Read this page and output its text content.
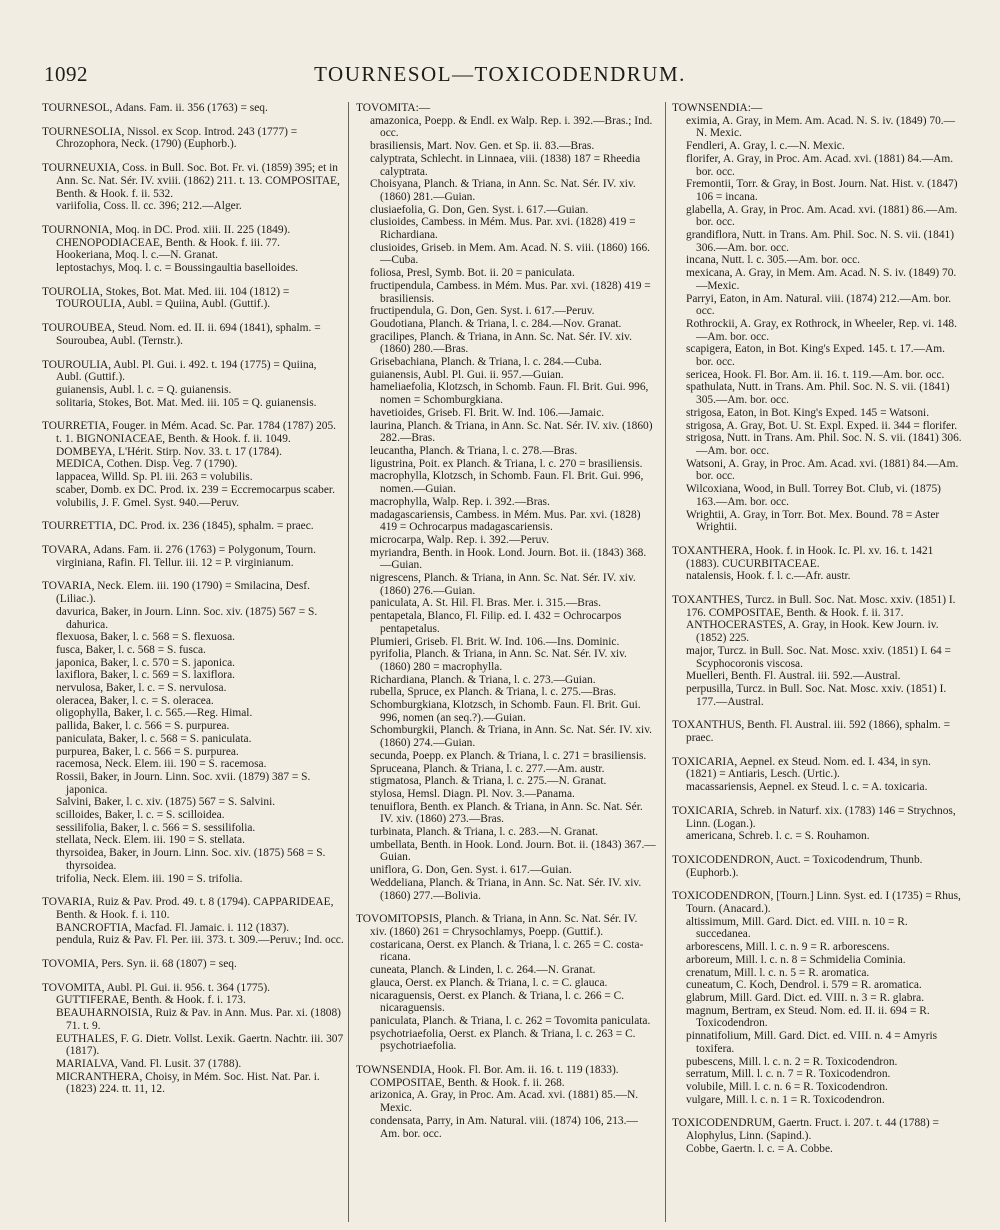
1092	TOURNESOL—TOXICODENDRUM.
TOURNESOL, Adans. Fam. ii. 356 (1763) = seq.
TOURNESOLIA, Nissol. ex Scop. Introd. 243 (1777) = Chrozophora, Neck. (1790) (Euphorb.).
TOURNEUXIA, Coss. in Bull. Soc. Bot. Fr. vi. (1859) 395; et in Ann. Sc. Nat. Sér. IV. xviii. (1862) 211. t. 13. COMPOSITAE, Benth. & Hook. f. ii. 532.
variifolia, Coss. ll. cc. 396; 212.—Alger.
TOURNONIA, Moq. in DC. Prod. xiii. II. 225 (1849). CHENOPODIACEAE, Benth. & Hook. f. iii. 77.
Hookeriana, Moq. l. c.—N. Granat.
leptostachys, Moq. l. c. = Boussingaultia baselloides.
TOUROLIA, Stokes, Bot. Mat. Med. iii. 104 (1812) = TOUROULIA, Aubl. = Quiina, Aubl. (Guttif.).
TOUROUBEA, Steud. Nom. ed. II. ii. 694 (1841), sphalm. = Souroubea, Aubl. (Ternstr.).
TOUROULIA, Aubl. Pl. Gui. i. 492. t. 194 (1775) = Quiina, Aubl. (Guttif.).
guianensis, Aubl. l. c. = Q. guianensis.
solitaria, Stokes, Bot. Mat. Med. iii. 105 = Q. guianensis.
TOURRETIA, Fouger. in Mém. Acad. Sc. Par. 1784 (1787) 205. t. 1. BIGNONIACEAE, Benth. & Hook. f. ii. 1049.
DOMBEYA, L'Hérit. Stirp. Nov. 33. t. 17 (1784).
MEDICA, Cothen. Disp. Veg. 7 (1790).
lappacea, Willd. Sp. Pl. iii. 263 = volubilis.
scaber, Domb. ex DC. Prod. ix. 239 = Eccremocarpus scaber.
volubilis, J. F. Gmel. Syst. 940.—Peruv.
TOURRETTIA, DC. Prod. ix. 236 (1845), sphalm. = praec.
TOVARA, Adans. Fam. ii. 276 (1763) = Polygonum, Tourn.
virginiana, Rafin. Fl. Tellur. iii. 12 = P. virginianum.
TOVARIA, Neck. Elem. iii. 190 (1790) = Smilacina, Desf. (Liliac.).
davurica, Baker, in Journ. Linn. Soc. xiv. (1875) 567 = S. dahurica.
flexuosa, Baker, l. c. 568 = S. flexuosa.
fusca, Baker, l. c. 568 = S. fusca.
japonica, Baker, l. c. 570 = S. japonica.
laxiflora, Baker, l. c. 569 = S. laxiflora.
nervulosa, Baker, l. c. = S. nervulosa.
oleracea, Baker, l. c. = S. oleracea.
oligophylla, Baker, l. c. 565.—Reg. Himal.
pallida, Baker, l. c. 566 = S. purpurea.
paniculata, Baker, l. c. 568 = S. paniculata.
purpurea, Baker, l. c. 566 = S. purpurea.
racemosa, Neck. Elem. iii. 190 = S. racemosa.
Rossii, Baker, in Journ. Linn. Soc. xvii. (1879) 387 = S. japonica.
Salvini, Baker, l. c. xiv. (1875) 567 = S. Salvini.
scilloides, Baker, l. c. = S. scilloidea.
sessilifolia, Baker, l. c. 566 = S. sessilifolia.
stellata, Neck. Elem. iii. 190 = S. stellata.
thyrsoidea, Baker, in Journ. Linn. Soc. xiv. (1875) 568 = S. thyrsoidea.
trifolia, Neck. Elem. iii. 190 = S. trifolia.
TOVARIA, Ruiz & Pav. Prod. 49. t. 8 (1794). CAPPARIDEAE, Benth. & Hook. f. i. 110.
BANCROFTIA, Macfad. Fl. Jamaic. i. 112 (1837).
pendula, Ruiz & Pav. Fl. Per. iii. 373. t. 309.—Peruv.; Ind. occ.
TOVOMIA, Pers. Syn. ii. 68 (1807) = seq.
TOVOMITA, Aubl. Pl. Gui. ii. 956. t. 364 (1775). GUTTIFERAE, Benth. & Hook. f. i. 173.
BEAUHARNOISIA, Ruiz & Pav. in Ann. Mus. Par. xi. (1808) 71. t. 9.
EUTHALES, F. G. Dietr. Vollst. Lexik. Gaertn. Nachtr. iii. 307 (1817).
MARIALVA, Vand. Fl. Lusit. 37 (1788).
MICRANTHERA, Choisy, in Mém. Soc. Hist. Nat. Par. i. (1823) 224. tt. 11, 12.
TOVOMITA:—
amazonica, Poepp. & Endl. ex Walp. Rep. i. 392.—Bras.; Ind. occ.
brasiliensis, Mart. Nov. Gen. et Sp. ii. 83.—Bras.
calyptrata, Schlecht. in Linnaea, viii. (1838) 187 = Rheedia calyptrata.
Choisyana, Planch. & Triana, in Ann. Sc. Nat. Sér. IV. xiv. (1860) 281.—Guian.
clusiaefolia, G. Don, Gen. Syst. i. 617.—Guian.
clusioides, Cambess. in Mém. Mus. Par. xvi. (1828) 419 = Richardiana.
clusioides, Griseb. in Mem. Am. Acad. N. S. viii. (1860) 166.—Cuba.
foliosa, Presl, Symb. Bot. ii. 20 = paniculata.
fructipendula, Cambess. in Mém. Mus. Par. xvi. (1828) 419 = brasiliensis.
fructipendula, G. Don, Gen. Syst. i. 617.—Peruv.
Goudotiana, Planch. & Triana, l. c. 284.—Nov. Granat.
gracilipes, Planch. & Triana, in Ann. Sc. Nat. Sér. IV. xiv. (1860) 280.—Bras.
Grisebachiana, Planch. & Triana, l. c. 284.—Cuba.
guianensis, Aubl. Pl. Gui. ii. 957.—Guian.
hameliaefolia, Klotzsch, in Schomb. Faun. Fl. Brit. Gui. 996, nomen = Schomburgkiana.
havetioides, Griseb. Fl. Brit. W. Ind. 106.—Jamaic.
laurina, Planch. & Triana, in Ann. Sc. Nat. Sér. IV. xiv. (1860) 282.—Bras.
leucantha, Planch. & Triana, l. c. 278.—Bras.
ligustrina, Poit. ex Planch. & Triana, l. c. 270 = brasiliensis.
macrophylla, Klotzsch, in Schomb. Faun. Fl. Brit. Gui. 996, nomen.—Guian.
macrophylla, Walp. Rep. i. 392.—Bras.
madagascariensis, Cambess. in Mém. Mus. Par. xvi. (1828) 419 = Ochrocarpus madagascariensis.
microcarpa, Walp. Rep. i. 392.—Peruv.
myriandra, Benth. in Hook. Lond. Journ. Bot. ii. (1843) 368.—Guian.
nigrescens, Planch. & Triana, in Ann. Sc. Nat. Sér. IV. xiv. (1860) 276.—Guian.
paniculata, A. St. Hil. Fl. Bras. Mer. i. 315.—Bras.
pentapetala, Blanco, Fl. Filip. ed. I. 432 = Ochrocarpos pentapetalus.
Plumieri, Griseb. Fl. Brit. W. Ind. 106.—Ins. Dominic.
pyrifolia, Planch. & Triana, in Ann. Sc. Nat. Sér. IV. xiv. (1860) 280 = macrophylla.
Richardiana, Planch. & Triana, l. c. 273.—Guian.
rubella, Spruce, ex Planch. & Triana, l. c. 275.—Bras.
Schomburgkiana, Klotzsch, in Schomb. Faun. Fl. Brit. Gui. 996, nomen (an seq.?).—Guian.
Schomburgkii, Planch. & Triana, in Ann. Sc. Nat. Sér. IV. xiv. (1860) 274.—Guian.
secunda, Poepp. ex Planch. & Triana, l. c. 271 = brasiliensis.
Spruceana, Planch. & Triana, l. c. 277.—Am. austr.
stigmatosa, Planch. & Triana, l. c. 275.—N. Granat.
stylosa, Hemsl. Diagn. Pl. Nov. 3.—Panama.
tenuiflora, Benth. ex Planch. & Triana, in Ann. Sc. Nat. Sér. IV. xiv. (1860) 273.—Bras.
turbinata, Planch. & Triana, l. c. 283.—N. Granat.
umbellata, Benth. in Hook. Lond. Journ. Bot. ii. (1843) 367.—Guian.
uniflora, G. Don, Gen. Syst. i. 617.—Guian.
Weddeliana, Planch. & Triana, in Ann. Sc. Nat. Sér. IV. xiv. (1860) 277.—Bolivia.
TOVOMITOPSIS, Planch. & Triana, in Ann. Sc. Nat. Sér. IV. xiv. (1860) 261 = Chrysochlamys, Poepp. (Guttif.).
costaricana, Oerst. ex Planch. & Triana, l. c. 265 = C. costa-ricana.
cuneata, Planch. & Linden, l. c. 264.—N. Granat.
glauca, Oerst. ex Planch. & Triana, l. c. = C. glauca.
nicaraguensis, Oerst. ex Planch. & Triana, l. c. 266 = C. nicaraguensis.
paniculata, Planch. & Triana, l. c. 262 = Tovomita paniculata.
psychotriaefolia, Oerst. ex Planch. & Triana, l. c. 263 = C. psychotriaefolia.
TOWNSENDIA, Hook. Fl. Bor. Am. ii. 16. t. 119 (1833). COMPOSITAE, Benth. & Hook. f. ii. 268.
arizonica, A. Gray, in Proc. Am. Acad. xvi. (1881) 85.—N. Mexic.
condensata, Parry, in Am. Natural. viii. (1874) 106, 213.—Am. bor. occ.
TOWNSENDIA:—
eximia, A. Gray, in Mem. Am. Acad. N. S. iv. (1849) 70.—N. Mexic.
Fendleri, A. Gray, l. c.—N. Mexic.
florifer, A. Gray, in Proc. Am. Acad. xvi. (1881) 84.—Am. bor. occ.
Fremontii, Torr. & Gray, in Bost. Journ. Nat. Hist. v. (1847) 106 = incana.
glabella, A. Gray, in Proc. Am. Acad. xvi. (1881) 86.—Am. bor. occ.
grandiflora, Nutt. in Trans. Am. Phil. Soc. N. S. vii. (1841) 306.—Am. bor. occ.
incana, Nutt. l. c. 305.—Am. bor. occ.
mexicana, A. Gray, in Mem. Am. Acad. N. S. iv. (1849) 70.—Mexic.
Parryi, Eaton, in Am. Natural. viii. (1874) 212.—Am. bor. occ.
Rothrockii, A. Gray, ex Rothrock, in Wheeler, Rep. vi. 148.—Am. bor. occ.
scapigera, Eaton, in Bot. King's Exped. 145. t. 17.—Am. bor. occ.
sericea, Hook. Fl. Bor. Am. ii. 16. t. 119.—Am. bor. occ.
spathulata, Nutt. in Trans. Am. Phil. Soc. N. S. vii. (1841) 305.—Am. bor. occ.
strigosa, Eaton, in Bot. King's Exped. 145 = Watsoni.
strigosa, A. Gray, Bot. U. St. Expl. Exped. ii. 344 = florifer.
strigosa, Nutt. in Trans. Am. Phil. Soc. N. S. vii. (1841) 306.—Am. bor. occ.
Watsoni, A. Gray, in Proc. Am. Acad. xvi. (1881) 84.—Am. bor. occ.
Wilcoxiana, Wood, in Bull. Torrey Bot. Club, vi. (1875) 163.—Am. bor. occ.
Wrightii, A. Gray, in Torr. Bot. Mex. Bound. 78 = Aster Wrightii.
TOXANTHERA, Hook. f. in Hook. Ic. Pl. xv. 16. t. 1421 (1883). CUCURBITACEAE.
natalensis, Hook. f. l. c.—Afr. austr.
TOXANTHES, Turcz. in Bull. Soc. Nat. Mosc. xxiv. (1851) I. 176. COMPOSITAE, Benth. & Hook. f. ii. 317.
ANTHOCERASTES, A. Gray, in Hook. Kew Journ. iv. (1852) 225.
major, Turcz. in Bull. Soc. Nat. Mosc. xxiv. (1851) I. 64 = Scyphocoronis viscosa.
Muelleri, Benth. Fl. Austral. iii. 592.—Austral.
perpusilla, Turcz. in Bull. Soc. Nat. Mosc. xxiv. (1851) I. 177.—Austral.
TOXANTHUS, Benth. Fl. Austral. iii. 592 (1866), sphalm. = praec.
TOXICARIA, Aepnel. ex Steud. Nom. ed. I. 434, in syn. (1821) = Antiaris, Lesch. (Urtic.).
macassariensis, Aepnel. ex Steud. l. c. = A. toxicaria.
TOXICARIA, Schreb. in Naturf. xix. (1783) 146 = Strychnos, Linn. (Logan.).
americana, Schreb. l. c. = S. Rouhamon.
TOXICODENDRON, Auct. = Toxicodendrum, Thunb. (Euphorb.).
TOXICODENDRON, [Tourn.] Linn. Syst. ed. I (1735) = Rhus, Tourn. (Anacard.).
altissimum, Mill. Gard. Dict. ed. VIII. n. 10 = R. succedanea.
arborescens, Mill. l. c. n. 9 = R. arborescens.
arboreum, Mill. l. c. n. 8 = Schmidelia Cominia.
crenatum, Mill. l. c. n. 5 = R. aromatica.
cuneatum, C. Koch, Dendrol. i. 579 = R. aromatica.
glabrum, Mill. Gard. Dict. ed. VIII. n. 3 = R. glabra.
magnum, Bertram, ex Steud. Nom. ed. II. ii. 694 = R. Toxicodendron.
pinnatifolium, Mill. Gard. Dict. ed. VIII. n. 4 = Amyris toxifera.
pubescens, Mill. l. c. n. 2 = R. Toxicodendron.
serratum, Mill. l. c. n. 7 = R. Toxicodendron.
volubile, Mill. l. c. n. 6 = R. Toxicodendron.
vulgare, Mill. l. c. n. 1 = R. Toxicodendron.
TOXICODENDRUM, Gaertn. Fruct. i. 207. t. 44 (1788) = Alophylus, Linn. (Sapind.).
Cobbe, Gaertn. l. c. = A. Cobbe.
